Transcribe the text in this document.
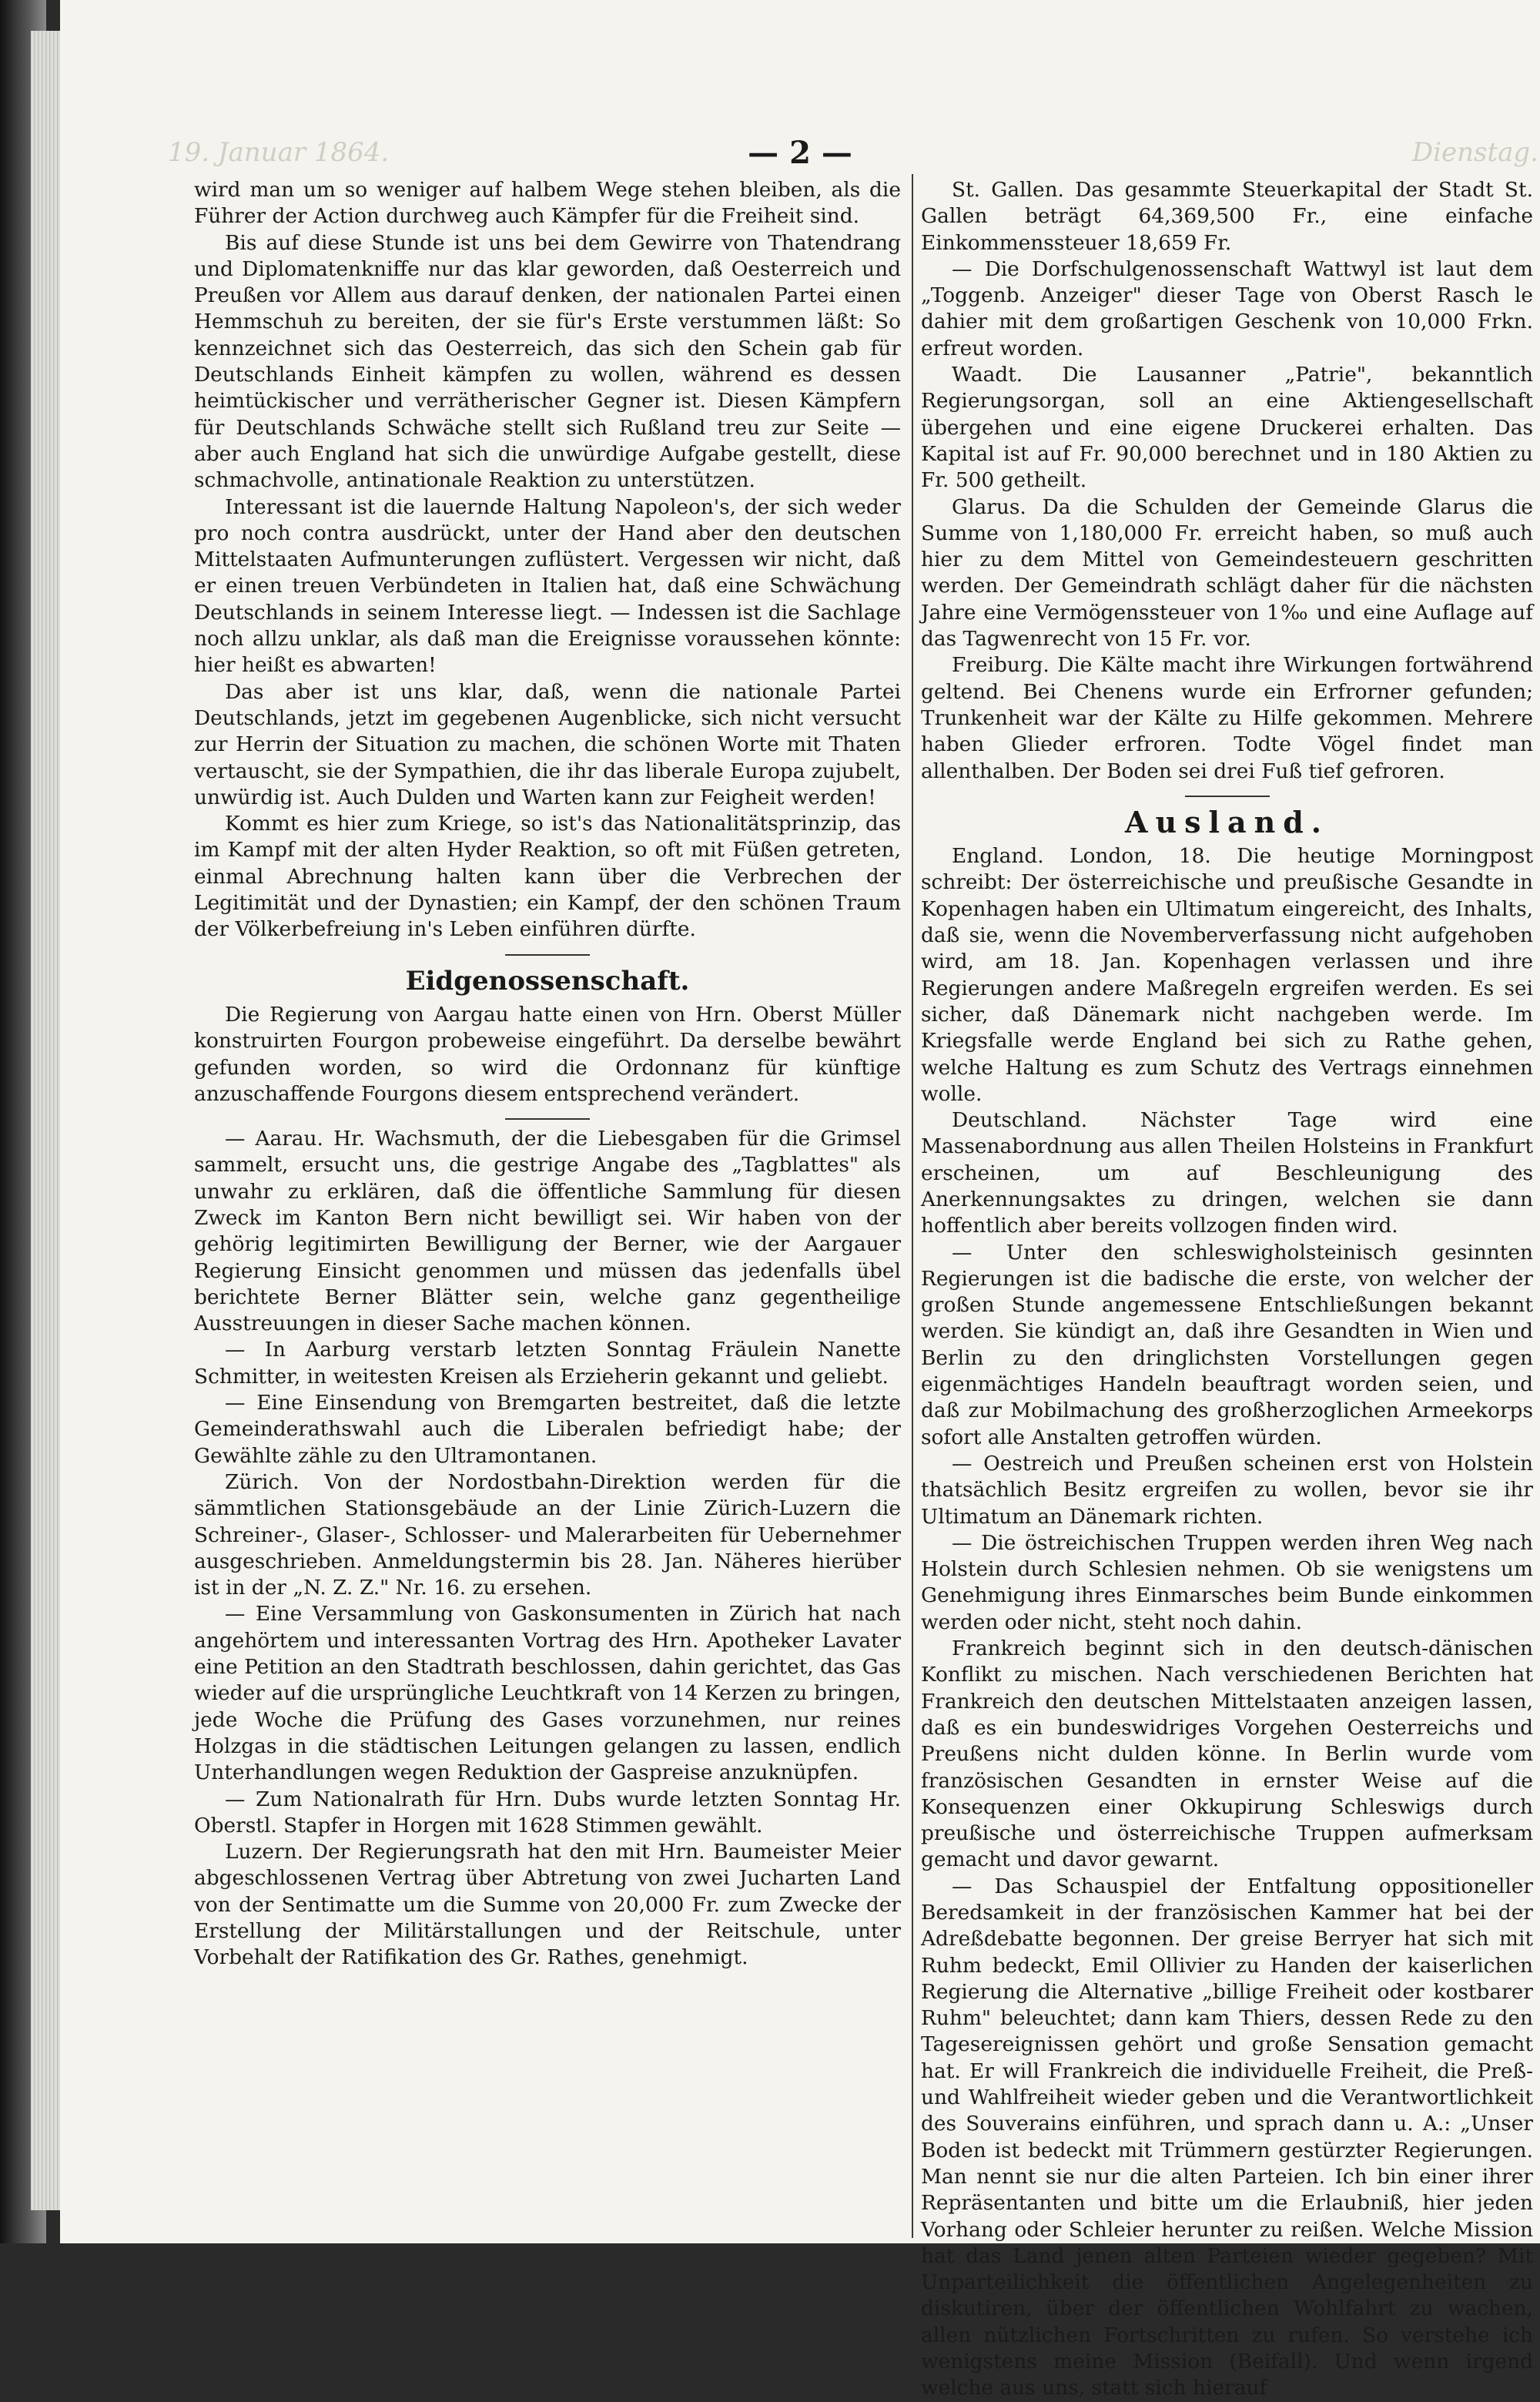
19. Januar 1864.	Dienstag.
— 2 —

wird man um so weniger auf halbem Wege stehen bleiben, als die Führer der Action durchweg auch Kämpfer für die Freiheit sind.

Bis auf diese Stunde ist uns bei dem Gewirre von Thatendrang und Diplomatenkniffe nur das klar geworden, daß Oesterreich und Preußen vor Allem aus darauf denken, der nationalen Partei einen Hemmschuh zu bereiten, der sie für's Erste verstummen läßt: So kennzeichnet sich das Oesterreich, das sich den Schein gab für Deutschlands Einheit kämpfen zu wollen, während es dessen heimtückischer und verrätherischer Gegner ist. Diesen Kämpfern für Deutschlands Schwäche stellt sich Rußland treu zur Seite — aber auch England hat sich die unwürdige Aufgabe gestellt, diese schmachvolle, antinationale Reaktion zu unterstützen.

Interessant ist die lauernde Haltung Napoleon's, der sich weder pro noch contra ausdrückt, unter der Hand aber den deutschen Mittelstaaten Aufmunterungen zuflüstert. Vergessen wir nicht, daß er einen treuen Verbündeten in Italien hat, daß eine Schwächung Deutschlands in seinem Interesse liegt. — Indessen ist die Sachlage noch allzu unklar, als daß man die Ereignisse voraussehen könnte: hier heißt es abwarten!

Das aber ist uns klar, daß, wenn die nationale Partei Deutschlands, jetzt im gegebenen Augenblicke, sich nicht versucht zur Herrin der Situation zu machen, die schönen Worte mit Thaten vertauscht, sie der Sympathien, die ihr das liberale Europa zujubelt, unwürdig ist. Auch Dulden und Warten kann zur Feigheit werden!

Kommt es hier zum Kriege, so ist's das Nationalitätsprinzip, das im Kampf mit der alten Hyder Reaktion, so oft mit Füßen getreten, einmal Abrechnung halten kann über die Verbrechen der Legitimität und der Dynastien; ein Kampf, der den schönen Traum der Völkerbefreiung in's Leben einführen dürfte.

Eidgenossenschaft.

Die Regierung von Aargau hatte einen von Hrn. Oberst Müller konstruirten Fourgon probeweise eingeführt. Da derselbe bewährt gefunden worden, so wird die Ordonnanz für künftige anzuschaffende Fourgons diesem entsprechend verändert.

— Aarau. Hr. Wachsmuth, der die Liebesgaben für die Grimsel sammelt, ersucht uns, die gestrige Angabe des „Tagblattes" als unwahr zu erklären, daß die öffentliche Sammlung für diesen Zweck im Kanton Bern nicht bewilligt sei. Wir haben von der gehörig legitimirten Bewilligung der Berner, wie der Aargauer Regierung Einsicht genommen und müssen das jedenfalls übel berichtete Berner Blätter sein, welche ganz gegentheilige Ausstreuungen in dieser Sache machen können.

— In Aarburg verstarb letzten Sonntag Fräulein Nanette Schmitter, in weitesten Kreisen als Erzieherin gekannt und geliebt.

— Eine Einsendung von Bremgarten bestreitet, daß die letzte Gemeinderathswahl auch die Liberalen befriedigt habe; der Gewählte zähle zu den Ultramontanen.

Zürich. Von der Nordostbahn-Direktion werden für die sämmtlichen Stationsgebäude an der Linie Zürich-Luzern die Schreiner-, Glaser-, Schlosser- und Malerarbeiten für Uebernehmer ausgeschrieben. Anmeldungstermin bis 28. Jan. Näheres hierüber ist in der „N. Z. Z." Nr. 16. zu ersehen.

— Eine Versammlung von Gaskonsumenten in Zürich hat nach angehörtem und interessanten Vortrag des Hrn. Apotheker Lavater eine Petition an den Stadtrath beschlossen, dahin gerichtet, das Gas wieder auf die ursprüngliche Leuchtkraft von 14 Kerzen zu bringen, jede Woche die Prüfung des Gases vorzunehmen, nur reines Holzgas in die städtischen Leitungen gelangen zu lassen, endlich Unterhandlungen wegen Reduktion der Gaspreise anzuknüpfen.

— Zum Nationalrath für Hrn. Dubs wurde letzten Sonntag Hr. Oberstl. Stapfer in Horgen mit 1628 Stimmen gewählt.

Luzern. Der Regierungsrath hat den mit Hrn. Baumeister Meier abgeschlossenen Vertrag über Abtretung von zwei Jucharten Land von der Sentimatte um die Summe von 20,000 Fr. zum Zwecke der Erstellung der Militärstallungen und der Reitschule, unter Vorbehalt der Ratifikation des Gr. Rathes, genehmigt.

St. Gallen. Das gesammte Steuerkapital der Stadt St. Gallen beträgt 64,369,500 Fr., eine einfache Einkommenssteuer 18,659 Fr.

— Die Dorfschulgenossenschaft Wattwyl ist laut dem „Toggenb. Anzeiger" dieser Tage von Oberst Rasch le dahier mit dem großartigen Geschenk von 10,000 Frkn. erfreut worden.

Waadt. Die Lausanner „Patrie", bekanntlich Regierungsorgan, soll an eine Aktiengesellschaft übergehen und eine eigene Druckerei erhalten. Das Kapital ist auf Fr. 90,000 berechnet und in 180 Aktien zu Fr. 500 getheilt.

Glarus. Da die Schulden der Gemeinde Glarus die Summe von 1,180,000 Fr. erreicht haben, so muß auch hier zu dem Mittel von Gemeindesteuern geschritten werden. Der Gemeindrath schlägt daher für die nächsten Jahre eine Vermögenssteuer von 1‰ und eine Auflage auf das Tagwenrecht von 15 Fr. vor.

Freiburg. Die Kälte macht ihre Wirkungen fortwährend geltend. Bei Chenens wurde ein Erfrorner gefunden; Trunkenheit war der Kälte zu Hilfe gekommen. Mehrere haben Glieder erfroren. Todte Vögel findet man allenthalben. Der Boden sei drei Fuß tief gefroren.

Ausland.

England. London, 18. Die heutige Morningpost schreibt: Der österreichische und preußische Gesandte in Kopenhagen haben ein Ultimatum eingereicht, des Inhalts, daß sie, wenn die Novemberverfassung nicht aufgehoben wird, am 18. Jan. Kopenhagen verlassen und ihre Regierungen andere Maßregeln ergreifen werden. Es sei sicher, daß Dänemark nicht nachgeben werde. Im Kriegsfalle werde England bei sich zu Rathe gehen, welche Haltung es zum Schutz des Vertrags einnehmen wolle.

Deutschland. Nächster Tage wird eine Massenabordnung aus allen Theilen Holsteins in Frankfurt erscheinen, um auf Beschleunigung des Anerkennungsaktes zu dringen, welchen sie dann hoffentlich aber bereits vollzogen finden wird.

— Unter den schleswigholsteinisch gesinnten Regierungen ist die badische die erste, von welcher der großen Stunde angemessene Entschließungen bekannt werden. Sie kündigt an, daß ihre Gesandten in Wien und Berlin zu den dringlichsten Vorstellungen gegen eigenmächtiges Handeln beauftragt worden seien, und daß zur Mobilmachung des großherzoglichen Armeekorps sofort alle Anstalten getroffen würden.

— Oestreich und Preußen scheinen erst von Holstein thatsächlich Besitz ergreifen zu wollen, bevor sie ihr Ultimatum an Dänemark richten.

— Die östreichischen Truppen werden ihren Weg nach Holstein durch Schlesien nehmen. Ob sie wenigstens um Genehmigung ihres Einmarsches beim Bunde einkommen werden oder nicht, steht noch dahin.

Frankreich beginnt sich in den deutsch-dänischen Konflikt zu mischen. Nach verschiedenen Berichten hat Frankreich den deutschen Mittelstaaten anzeigen lassen, daß es ein bundeswidriges Vorgehen Oesterreichs und Preußens nicht dulden könne. In Berlin wurde vom französischen Gesandten in ernster Weise auf die Konsequenzen einer Okkupirung Schleswigs durch preußische und österreichische Truppen aufmerksam gemacht und davor gewarnt.

— Das Schauspiel der Entfaltung oppositioneller Beredsamkeit in der französischen Kammer hat bei der Adreßdebatte begonnen. Der greise Berryer hat sich mit Ruhm bedeckt, Emil Ollivier zu Handen der kaiserlichen Regierung die Alternative „billige Freiheit oder kostbarer Ruhm" beleuchtet; dann kam Thiers, dessen Rede zu den Tagesereignissen gehört und große Sensation gemacht hat. Er will Frankreich die individuelle Freiheit, die Preß- und Wahlfreiheit wieder geben und die Verantwortlichkeit des Souverains einführen, und sprach dann u. A.: „Unser Boden ist bedeckt mit Trümmern gestürzter Regierungen. Man nennt sie nur die alten Parteien. Ich bin einer ihrer Repräsentanten und bitte um die Erlaubniß, hier jeden Vorhang oder Schleier herunter zu reißen. Welche Mission hat das Land jenen alten Parteien wieder gegeben? Mit Unparteilichkeit die öffentlichen Angelegenheiten zu diskutiren, über der öffentlichen Wohlfahrt zu wachen, allen nützlichen Fortschritten zu rufen. So verstehe ich wenigstens meine Mission (Beifall). Und wenn irgend welche aus uns, statt sich hierauf
